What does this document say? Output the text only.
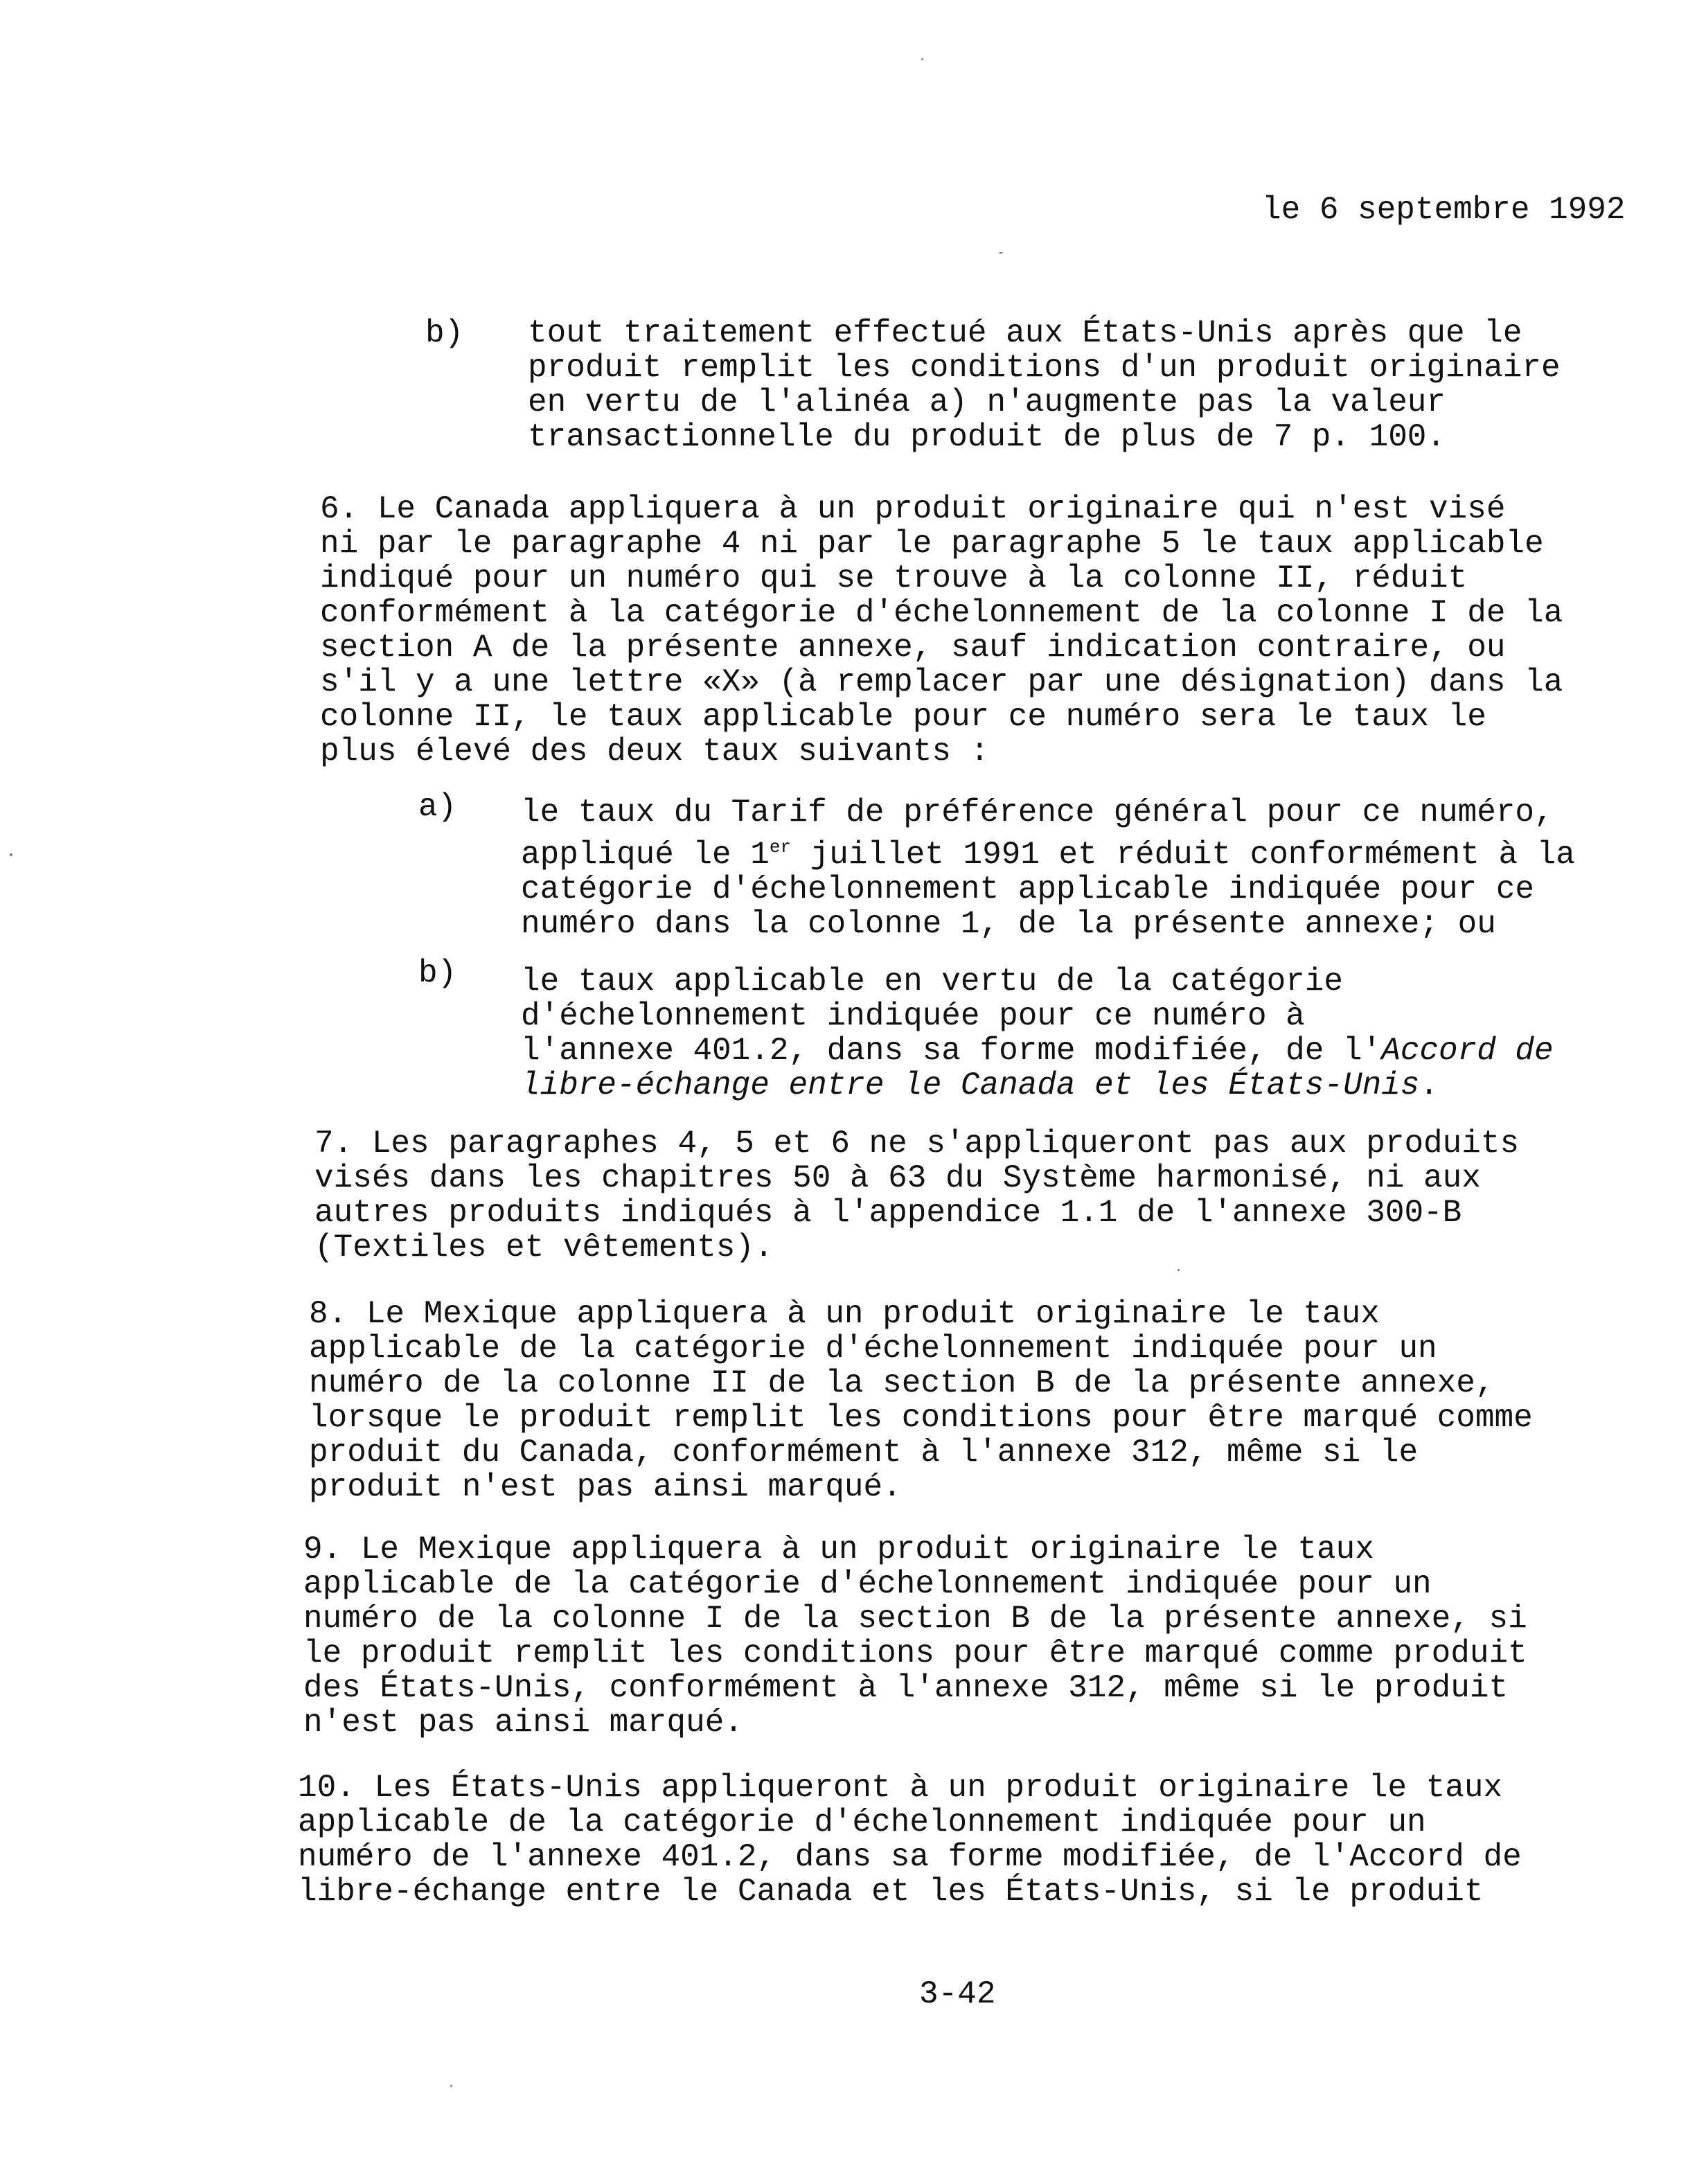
le 6 septembre 1992
b) tout traitement effectué aux États-Unis après que le
produit remplit les conditions d'un produit originaire
en vertu de l'alinéa a) n'augmente pas la valeur
transactionnelle du produit de plus de 7 p. 100.
6. Le Canada appliquera à un produit originaire qui n'est visé
ni par le paragraphe 4 ni par le paragraphe 5 le taux applicable
indiqué pour un numéro qui se trouve à la colonne II, réduit
conformément à la catégorie d'échelonnement de la colonne I de la
section A de la présente annexe, sauf indication contraire, ou
s'il y a une lettre «X» (à remplacer par une désignation) dans la
colonne II, le taux applicable pour ce numéro sera le taux le
plus élevé des deux taux suivants :
a) le taux du Tarif de préférence général pour ce numéro,
appliqué le 1er juillet 1991 et réduit conformément à la
catégorie d'échelonnement applicable indiquée pour ce
numéro dans la colonne 1, de la présente annexe; ou
b) le taux applicable en vertu de la catégorie
d'échelonnement indiquée pour ce numéro à
l'annexe 401.2, dans sa forme modifiée, de l'Accord de
libre-échange entre le Canada et les États-Unis.
7. Les paragraphes 4, 5 et 6 ne s'appliqueront pas aux produits
visés dans les chapitres 50 à 63 du Système harmonisé, ni aux
autres produits indiqués à l'appendice 1.1 de l'annexe 300-B
(Textiles et vêtements).
8. Le Mexique appliquera à un produit originaire le taux
applicable de la catégorie d'échelonnement indiquée pour un
numéro de la colonne II de la section B de la présente annexe,
lorsque le produit remplit les conditions pour être marqué comme
produit du Canada, conformément à l'annexe 312, même si le
produit n'est pas ainsi marqué.
9. Le Mexique appliquera à un produit originaire le taux
applicable de la catégorie d'échelonnement indiquée pour un
numéro de la colonne I de la section B de la présente annexe, si
le produit remplit les conditions pour être marqué comme produit
des États-Unis, conformément à l'annexe 312, même si le produit
n'est pas ainsi marqué.
10. Les États-Unis appliqueront à un produit originaire le taux
applicable de la catégorie d'échelonnement indiquée pour un
numéro de l'annexe 401.2, dans sa forme modifiée, de l'Accord de
libre-échange entre le Canada et les États-Unis, si le produit
3-42
